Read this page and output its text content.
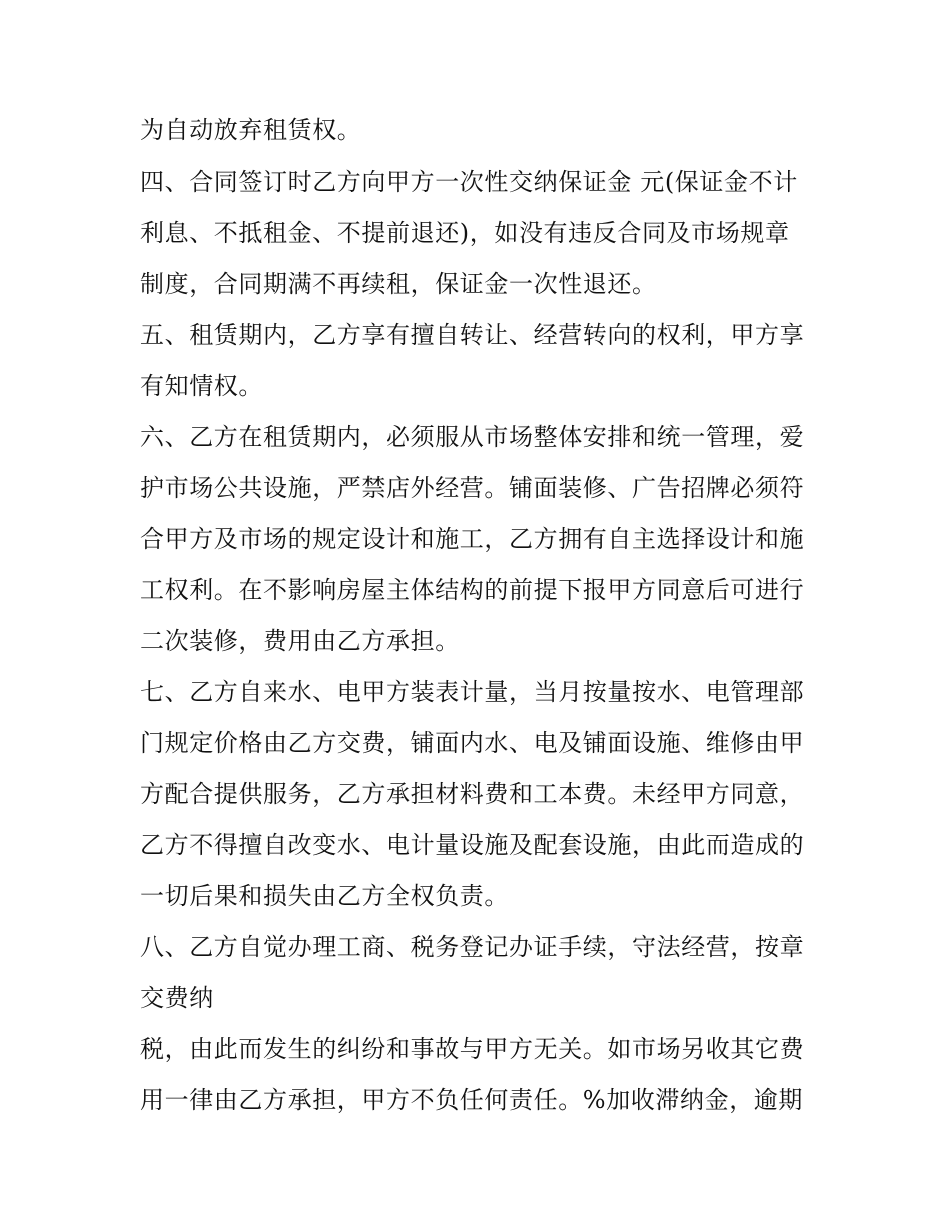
为自动放弃租赁权。
四、合同签订时乙方向甲方一次性交纳保证金 元(保证金不计
利息、不抵租金、不提前退还)，如没有违反合同及市场规章
制度，合同期满不再续租，保证金一次性退还。
五、租赁期内，乙方享有擅自转让、经营转向的权利，甲方享
有知情权。
六、乙方在租赁期内，必须服从市场整体安排和统一管理，爱
护市场公共设施，严禁店外经营。铺面装修、广告招牌必须符
合甲方及市场的规定设计和施工，乙方拥有自主选择设计和施
工权利。在不影响房屋主体结构的前提下报甲方同意后可进行
二次装修，费用由乙方承担。
七、乙方自来水、电甲方装表计量，当月按量按水、电管理部
门规定价格由乙方交费，铺面内水、电及铺面设施、维修由甲
方配合提供服务，乙方承担材料费和工本费。未经甲方同意，
乙方不得擅自改变水、电计量设施及配套设施，由此而造成的
一切后果和损失由乙方全权负责。
八、乙方自觉办理工商、税务登记办证手续，守法经营，按章
交费纳
税，由此而发生的纠纷和事故与甲方无关。如市场另收其它费
用一律由乙方承担，甲方不负任何责任。%加收滞纳金，逾期
